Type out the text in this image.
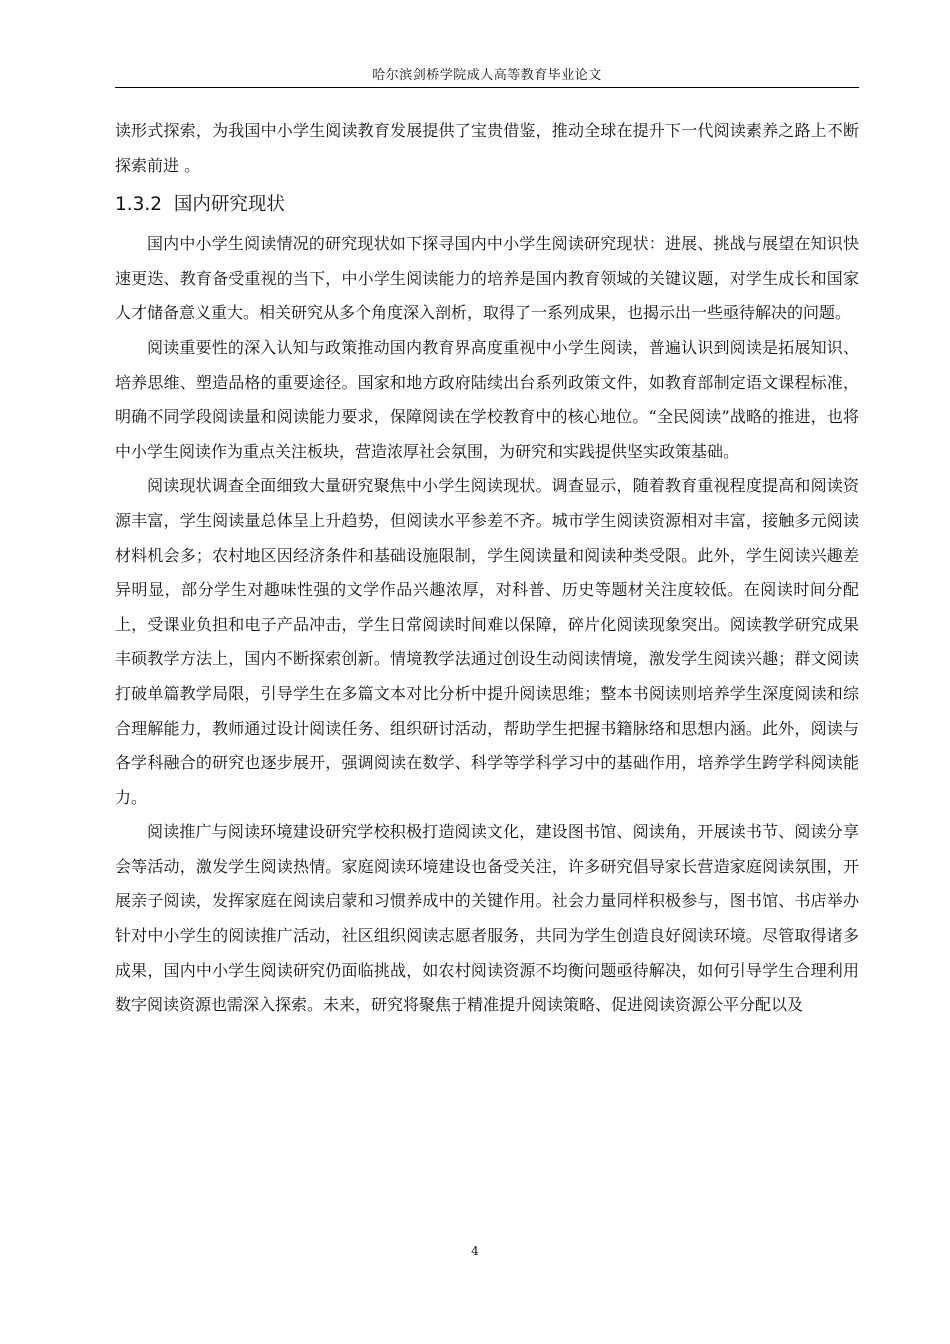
哈尔滨剑桥学院成人高等教育毕业论文

读形式探索，为我国中小学生阅读教育发展提供了宝贵借鉴，推动全球在提升下一代阅读素养之路上不断探索前进 。

1.3.2 国内研究现状

国内中小学生阅读情况的研究现状如下探寻国内中小学生阅读研究现状：进展、挑战与展望在知识快速更迭、教育备受重视的当下，中小学生阅读能力的培养是国内教育领域的关键议题，对学生成长和国家人才储备意义重大。相关研究从多个角度深入剖析，取得了一系列成果，也揭示出一些亟待解决的问题。

阅读重要性的深入认知与政策推动国内教育界高度重视中小学生阅读，普遍认识到阅读是拓展知识、培养思维、塑造品格的重要途径。国家和地方政府陆续出台系列政策文件，如教育部制定语文课程标准，明确不同学段阅读量和阅读能力要求，保障阅读在学校教育中的核心地位。“全民阅读”战略的推进，也将中小学生阅读作为重点关注板块，营造浓厚社会氛围，为研究和实践提供坚实政策基础。

阅读现状调查全面细致大量研究聚焦中小学生阅读现状。调查显示，随着教育重视程度提高和阅读资源丰富，学生阅读量总体呈上升趋势，但阅读水平参差不齐。城市学生阅读资源相对丰富，接触多元阅读材料机会多；农村地区因经济条件和基础设施限制，学生阅读量和阅读种类受限。此外，学生阅读兴趣差异明显，部分学生对趣味性强的文学作品兴趣浓厚，对科普、历史等题材关注度较低。在阅读时间分配上，受课业负担和电子产品冲击，学生日常阅读时间难以保障，碎片化阅读现象突出。阅读教学研究成果丰硕教学方法上，国内不断探索创新。情境教学法通过创设生动阅读情境，激发学生阅读兴趣；群文阅读打破单篇教学局限，引导学生在多篇文本对比分析中提升阅读思维；整本书阅读则培养学生深度阅读和综合理解能力，教师通过设计阅读任务、组织研讨活动，帮助学生把握书籍脉络和思想内涵。此外，阅读与各学科融合的研究也逐步展开，强调阅读在数学、科学等学科学习中的基础作用，培养学生跨学科阅读能力。

阅读推广与阅读环境建设研究学校积极打造阅读文化，建设图书馆、阅读角，开展读书节、阅读分享会等活动，激发学生阅读热情。家庭阅读环境建设也备受关注，许多研究倡导家长营造家庭阅读氛围，开展亲子阅读，发挥家庭在阅读启蒙和习惯养成中的关键作用。社会力量同样积极参与，图书馆、书店举办针对中小学生的阅读推广活动，社区组织阅读志愿者服务，共同为学生创造良好阅读环境。尽管取得诸多成果，国内中小学生阅读研究仍面临挑战，如农村阅读资源不均衡问题亟待解决，如何引导学生合理利用数字阅读资源也需深入探索。未来，研究将聚焦于精准提升阅读策略、促进阅读资源公平分配以及

4
